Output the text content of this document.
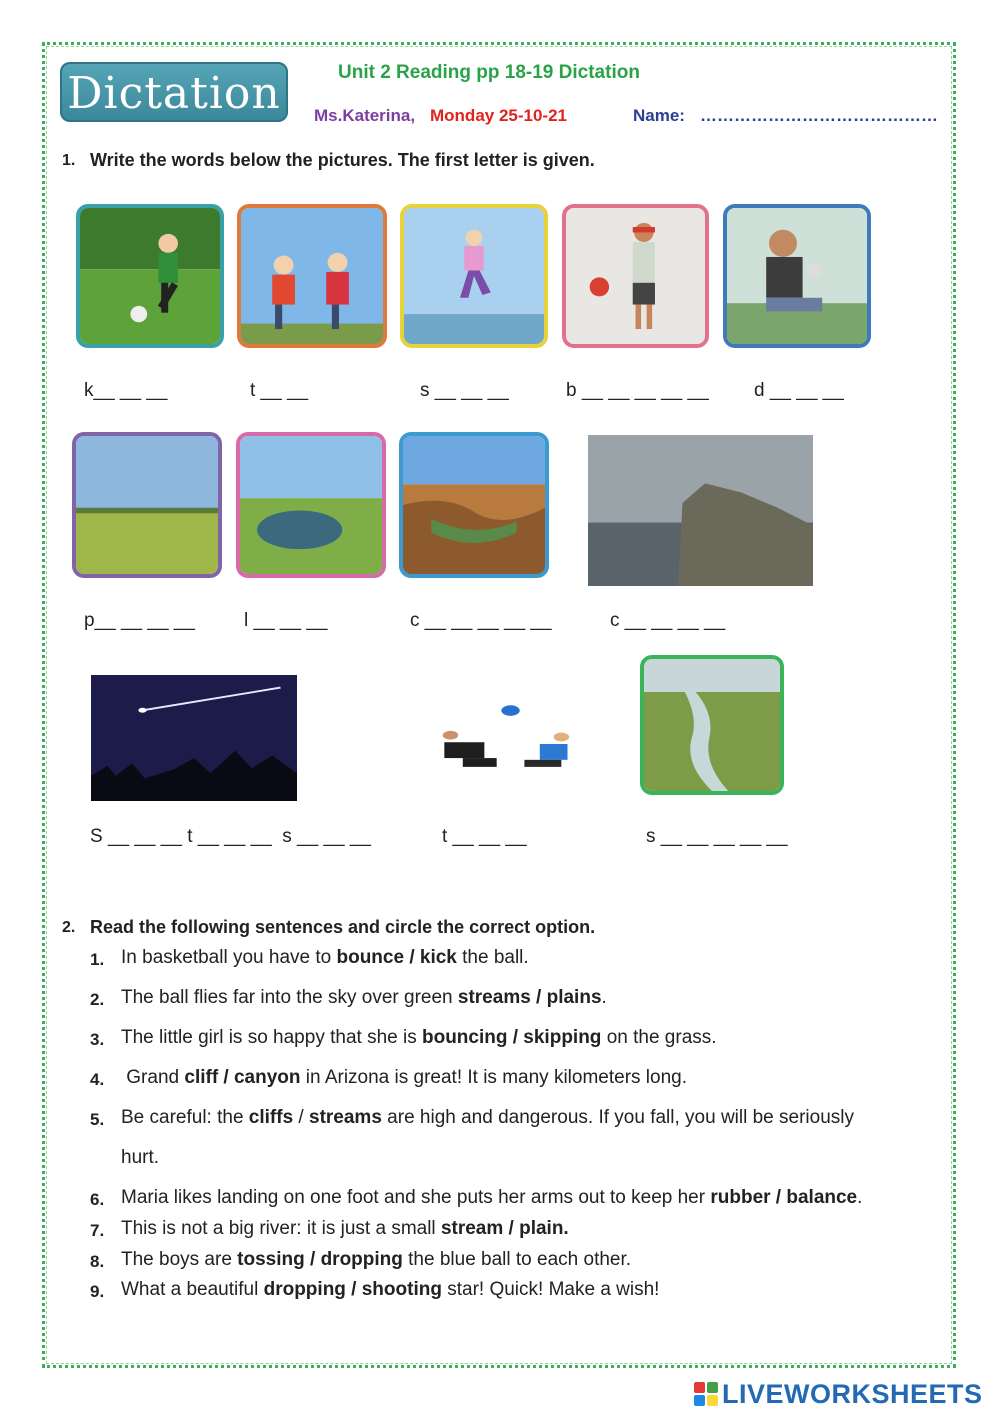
Dictation	Unit 2 Reading pp 18-19 Dictation
Ms.Katerina, Monday 25-10-21	Name: ……………………………………
1. Write the words below the pictures. The first letter is given.
k__ __ __	t __ __	s __ __ __	b __ __ __ __ __ d __ __ __
p__ __ __ __	l __ __ __	c __ __ __ __ __	c __ __ __ __
S __ __ __ t __ __ __  s __ __ __	t __ __ __	s __ __ __ __ __
2. Read the following sentences and circle the correct option.
1. In basketball you have to bounce / kick the ball.
2. The ball flies far into the sky over green streams / plains.
3. The little girl is so happy that she is bouncing / skipping on the grass.
4. Grand cliff / canyon in Arizona is great! It is many kilometers long.
5. Be careful: the cliffs / streams are high and dangerous. If you fall, you will be seriously
hurt.
6. Maria likes landing on one foot and she puts her arms out to keep her rubber / balance.
7. This is not a big river: it is just a small stream / plain.
8. The boys are tossing / dropping the blue ball to each other.
9. What a beautiful dropping / shooting star! Quick! Make a wish!
LIVEWORKSHEETS
